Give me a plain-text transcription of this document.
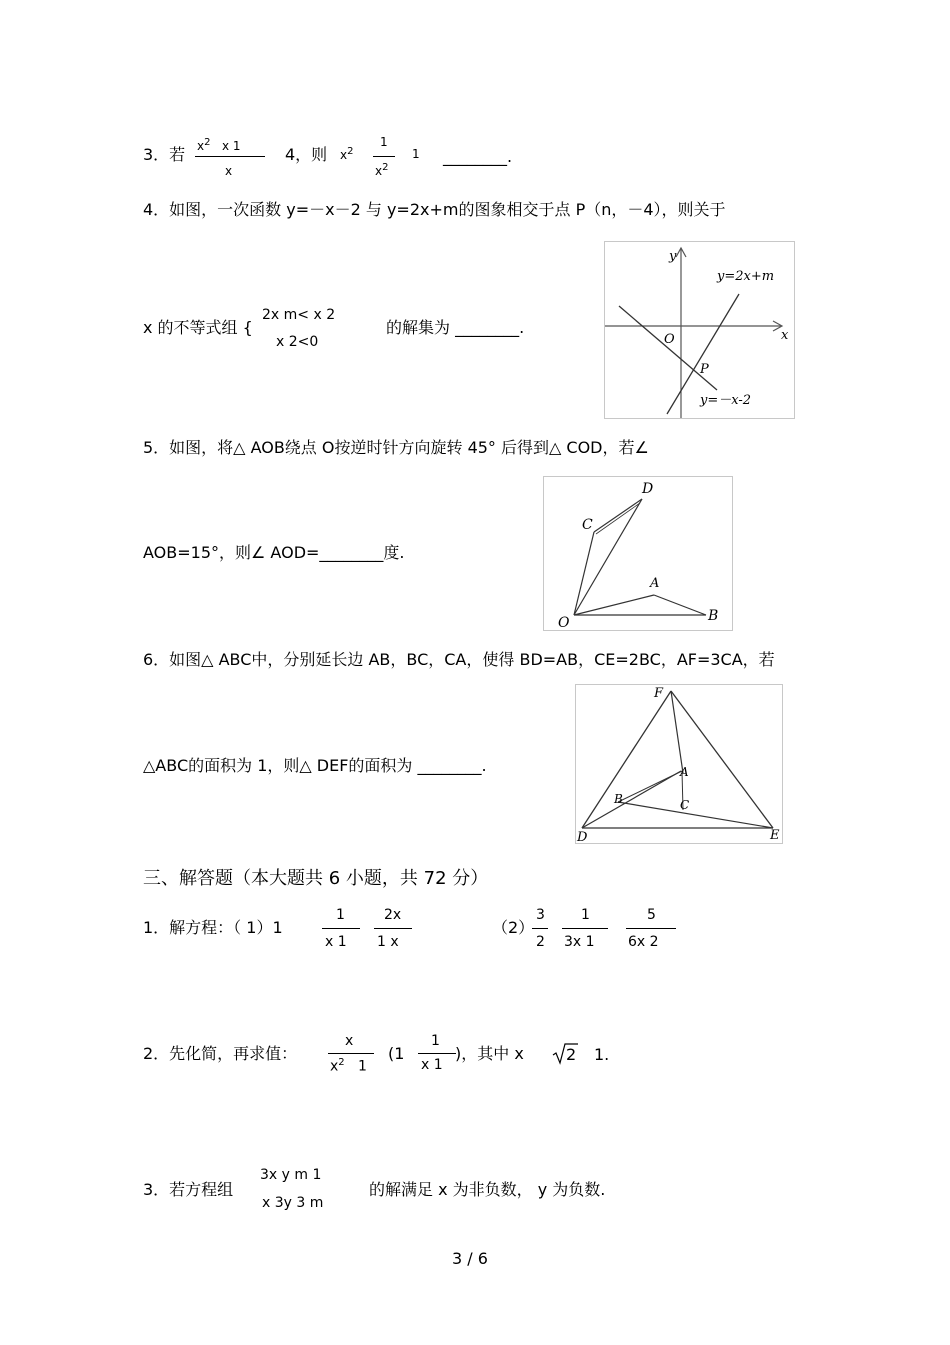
3．若 $x^2$ x 1
x
4，则 $x^2$
1
$x^2$
1 ________.
4．如图，一次函数 y=－x－2 与 y=2x+m的图象相交于点 P（n，－4），则关于
x 的不等式组 {
2x m< x 2
x 2<0
的解集为 ________.
y
x
O
P
y=2x+m
y=－x-2
5．如图，将△ AOB绕点 O按逆时针方向旋转 45° 后得到△ COD，若∠
AOB=15°，则∠ AOD=________度.
D
C
A
O	B
6．如图△ ABC中，分别延长边 AB，BC，CA，使得 BD=AB，CE=2BC，AF=3CA，若
△ABC的面积为 1，则△ DEF的面积为 ________.
F
A
B	C
D	E
三、解答题（本大题共 6 小题，共 72 分）
1．解方程：（ 1）1
1
x 1
2x
1 x
（2）
3
2
1
3x 1
5
6x 2
2．先化简，再求值：
x
$x^2$ 1
(1
1
x 1
)，其中 x	2 1.
3．若方程组
3x y m 1
x 3y 3 m
的解满足 x 为非负数， y 为负数.
3 / 6
